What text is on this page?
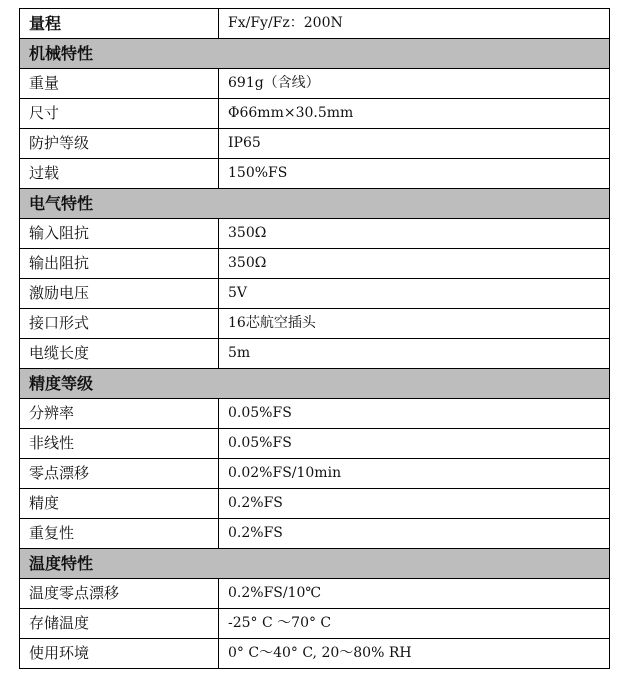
量程	Fx/Fy/Fz：200N
机械特性	
重量	691g（含线）
尺寸	Φ66mm×30.5mm
防护等级	IP65
过载	150%FS
电气特性	
输入阻抗	350Ω
输出阻抗	350Ω
激励电压	5V
接口形式	16芯航空插头
电缆长度	5m
精度等级	
分辨率	0.05%FS
非线性	0.05%FS
零点漂移	0.02%FS/10min
精度	0.2%FS
重复性	0.2%FS
温度特性	
温度零点漂移	0.2%FS/10℃
存储温度	-25° C ～70° C
使用环境	0° C～40° C, 20～80% RH
